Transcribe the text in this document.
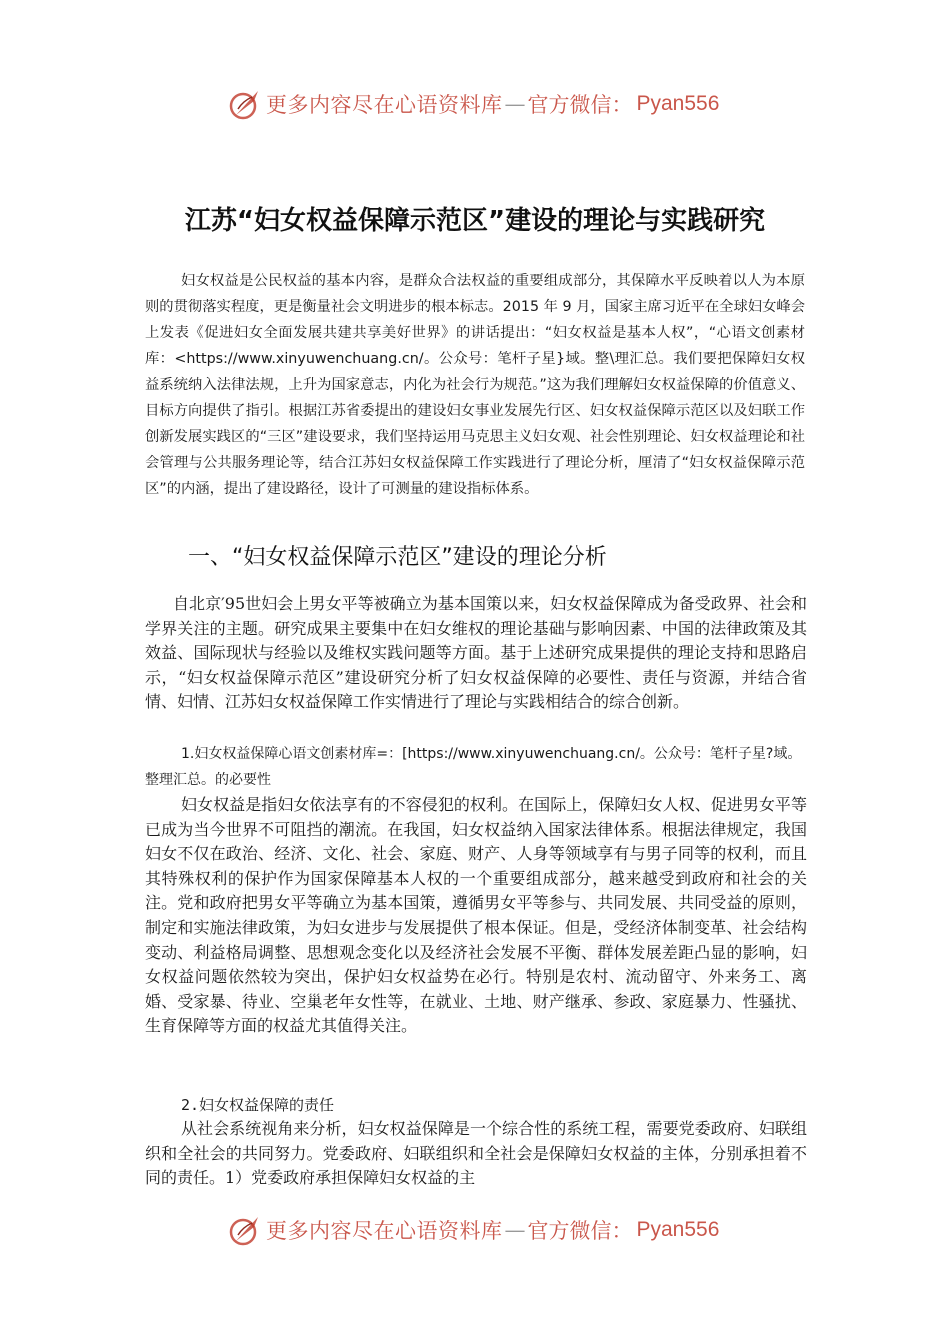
更多内容尽在心语资料库 — 官方微信： Pyan556
江苏“妇女权益保障示范区”建设的理论与实践研究

妇女权益是公民权益的基本内容，是群众合法权益的重要组成部分，其保障水平反映着以人为本原则的贯彻落实程度，更是衡量社会文明进步的根本标志。2015 年 9 月，国家主席习近平在全球妇女峰会上发表《促进妇女全面发展共建共享美好世界》的讲话提出：“妇女权益是基本人权”，“心语文创素材库：<https://www.xinyuwenchuang.cn/。公众号：笔杆子星}域。整\理汇总。我们要把保障妇女权益系统纳入法律法规，上升为国家意志，内化为社会行为规范。”这为我们理解妇女权益保障的价值意义、目标方向提供了指引。根据江苏省委提出的建设妇女事业发展先行区、妇女权益保障示范区以及妇联工作创新发展实践区的“三区”建设要求，我们坚持运用马克思主义妇女观、社会性别理论、妇女权益理论和社会管理与公共服务理论等，结合江苏妇女权益保障工作实践进行了理论分析，厘清了“妇女权益保障示范区”的内涵，提出了建设路径，设计了可测量的建设指标体系。

一、“妇女权益保障示范区”建设的理论分析

自北京′95世妇会上男女平等被确立为基本国策以来，妇女权益保障成为备受政界、社会和学界关注的主题。研究成果主要集中在妇女维权的理论基础与影响因素、中国的法律政策及其效益、国际现状与经验以及维权实践问题等方面。基于上述研究成果提供的理论支持和思路启示，“妇女权益保障示范区”建设研究分析了妇女权益保障的必要性、责任与资源，并结合省情、妇情、江苏妇女权益保障工作实情进行了理论与实践相结合的综合创新。

1.妇女权益保障心语文创素材库=：[https://www.xinyuwenchuang.cn/。公众号：笔杆子星?域。整理汇总。的必要性

妇女权益是指妇女依法享有的不容侵犯的权利。在国际上，保障妇女人权、促进男女平等已成为当今世界不可阻挡的潮流。在我国，妇女权益纳入国家法律体系。根据法律规定，我国妇女不仅在政治、经济、文化、社会、家庭、财产、人身等领域享有与男子同等的权利，而且其特殊权利的保护作为国家保障基本人权的一个重要组成部分，越来越受到政府和社会的关注。党和政府把男女平等确立为基本国策，遵循男女平等参与、共同发展、共同受益的原则，制定和实施法律政策，为妇女进步与发展提供了根本保证。但是，受经济体制变革、社会结构变动、利益格局调整、思想观念变化以及经济社会发展不平衡、群体发展差距凸显的影响，妇女权益问题依然较为突出，保护妇女权益势在必行。特别是农村、流动留守、外来务工、离婚、受家暴、待业、空巢老年女性等，在就业、土地、财产继承、参政、家庭暴力、性骚扰、生育保障等方面的权益尤其值得关注。

2.妇女权益保障的责任

从社会系统视角来分析，妇女权益保障是一个综合性的系统工程，需要党委政府、妇联组织和全社会的共同努力。党委政府、妇联组织和全社会是保障妇女权益的主体，分别承担着不同的责任。1）党委政府承担保障妇女权益的主

更多内容尽在心语资料库 — 官方微信： Pyan556
